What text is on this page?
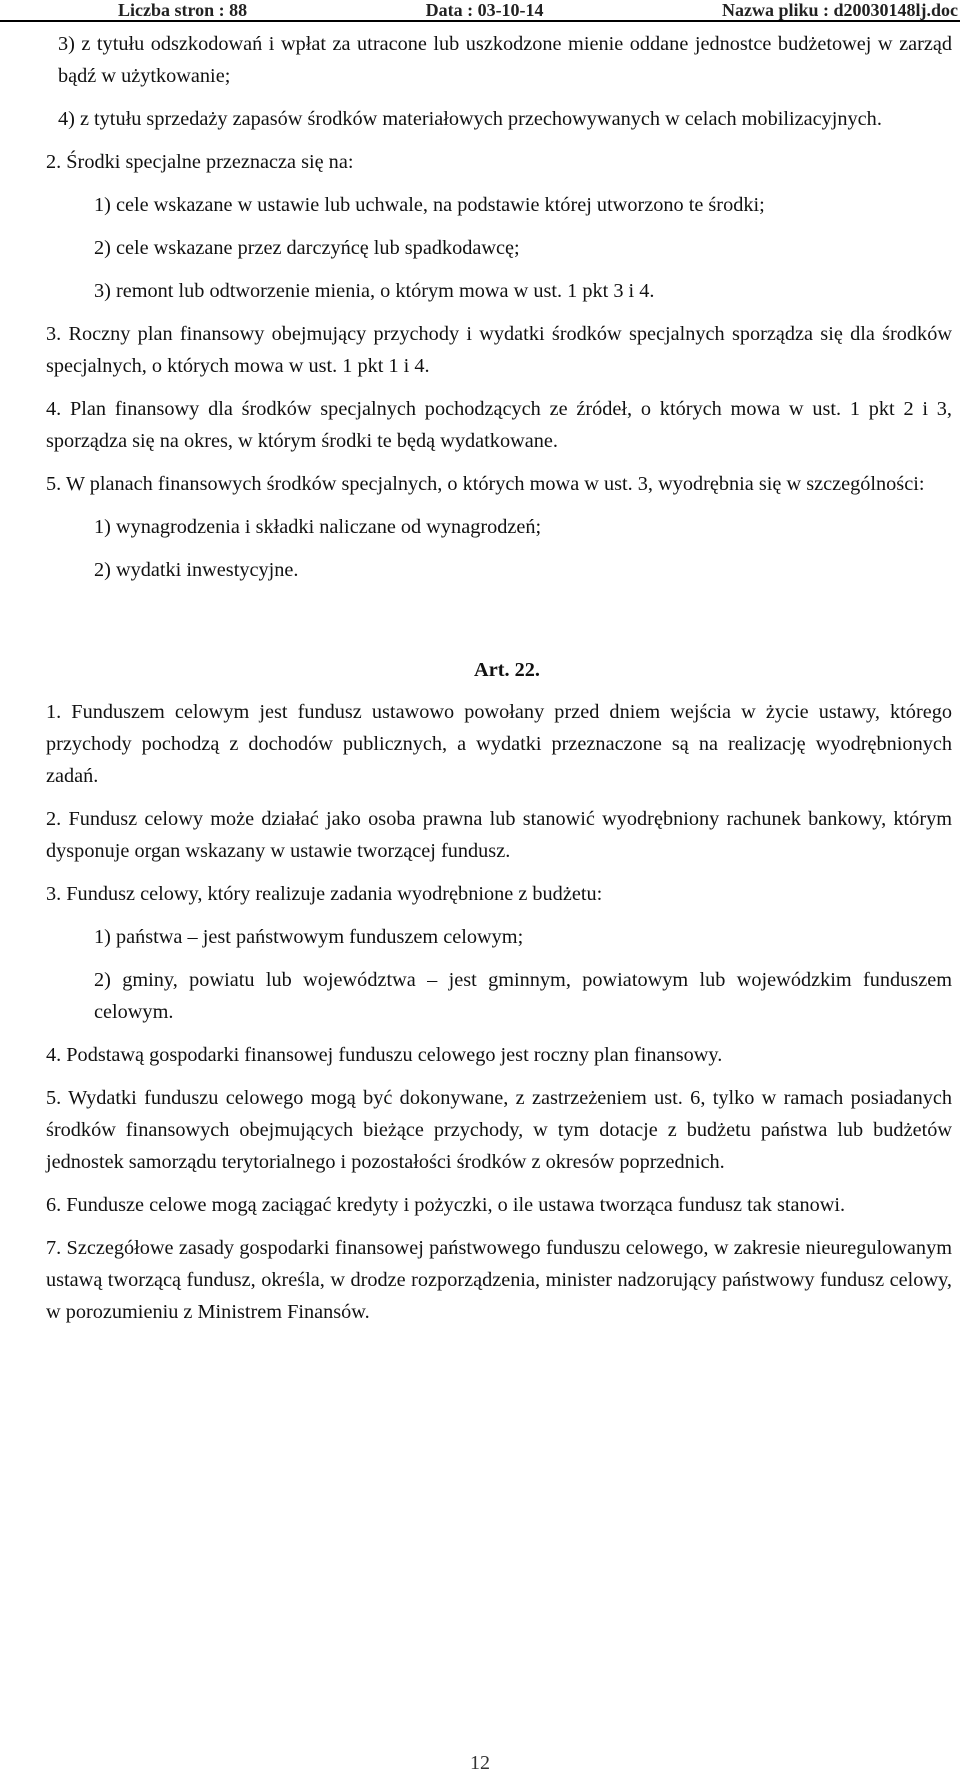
Liczba stron : 88	Data : 03-10-14	Nazwa pliku : d20030148lj.doc

3) z tytułu odszkodowań i wpłat za utracone lub uszkodzone mienie oddane jednostce budżetowej w zarząd bądź w użytkowanie;

4) z tytułu sprzedaży zapasów środków materiałowych przechowywanych w celach mobilizacyjnych.

2. Środki specjalne przeznacza się na:

1) cele wskazane w ustawie lub uchwale, na podstawie której utworzono te środki;

2) cele wskazane przez darczyńcę lub spadkodawcę;

3) remont lub odtworzenie mienia, o którym mowa w ust. 1 pkt 3 i 4.

3. Roczny plan finansowy obejmujący przychody i wydatki środków specjalnych sporządza się dla środków specjalnych, o których mowa w ust. 1 pkt 1 i 4.

4. Plan finansowy dla środków specjalnych pochodzących ze źródeł, o których mowa w ust. 1 pkt 2 i 3, sporządza się na okres, w którym środki te będą wydatkowane.

5. W planach finansowych środków specjalnych, o których mowa w ust. 3, wyodrębnia się w szczególności:

1) wynagrodzenia i składki naliczane od wynagrodzeń;

2) wydatki inwestycyjne.

Art. 22.

1. Funduszem celowym jest fundusz ustawowo powołany przed dniem wejścia w życie ustawy, którego przychody pochodzą z dochodów publicznych, a wydatki przeznaczone są na realizację wyodrębnionych zadań.

2. Fundusz celowy może działać jako osoba prawna lub stanowić wyodrębniony rachunek bankowy, którym dysponuje organ wskazany w ustawie tworzącej fundusz.

3. Fundusz celowy, który realizuje zadania wyodrębnione z budżetu:

1) państwa – jest państwowym funduszem celowym;

2) gminy, powiatu lub województwa – jest gminnym, powiatowym lub wojewódzkim funduszem celowym.

4. Podstawą gospodarki finansowej funduszu celowego jest roczny plan finansowy.

5. Wydatki funduszu celowego mogą być dokonywane, z zastrzeżeniem ust. 6, tylko w ramach posiadanych środków finansowych obejmujących bieżące przychody, w tym dotacje z budżetu państwa lub budżetów jednostek samorządu terytorialnego i pozostałości środków z okresów poprzednich.

6. Fundusze celowe mogą zaciągać kredyty i pożyczki, o ile ustawa tworząca fundusz tak stanowi.

7. Szczegółowe zasady gospodarki finansowej państwowego funduszu celowego, w zakresie nieuregulowanym ustawą tworzącą fundusz, określa, w drodze rozporządzenia, minister nadzorujący państwowy fundusz celowy, w porozumieniu z Ministrem Finansów.

12
